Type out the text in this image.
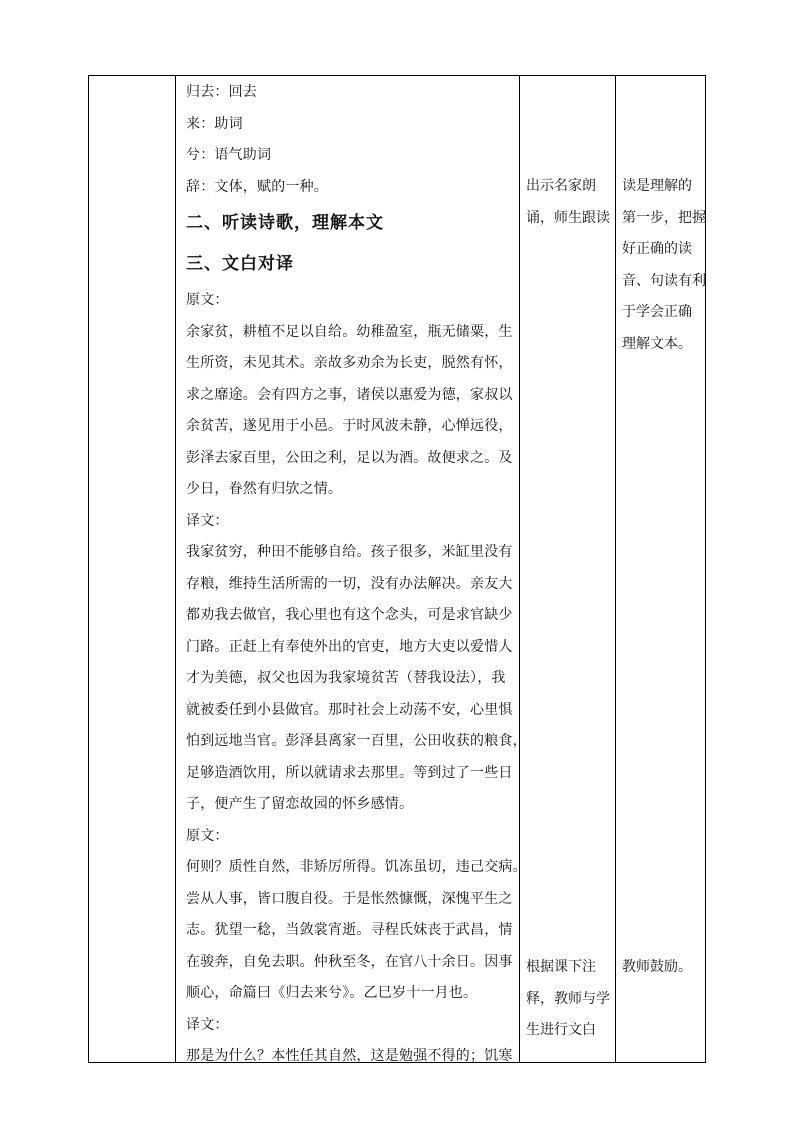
归去：回去
来：助词
兮：语气助词
辞：文体，赋的一种。
二、听读诗歌，理解本文
三、文白对译
原文：
余家贫，耕植不足以自给。幼稚盈室，瓶无储粟，生
生所资，未见其术。亲故多劝余为长吏，脱然有怀，
求之靡途。会有四方之事，诸侯以惠爱为德，家叔以
余贫苦，遂见用于小邑。于时风波未静，心惮远役，
彭泽去家百里，公田之利，足以为酒。故便求之。及
少日，眷然有归欤之情。
译文：
我家贫穷，种田不能够自给。孩子很多，米缸里没有
存粮，维持生活所需的一切，没有办法解决。亲友大
都劝我去做官，我心里也有这个念头，可是求官缺少
门路。正赶上有奉使外出的官吏，地方大吏以爱惜人
才为美德，叔父也因为我家境贫苦（替我设法），我
就被委任到小县做官。那时社会上动荡不安，心里惧
怕到远地当官。彭泽县离家一百里，公田收获的粮食，
足够造酒饮用，所以就请求去那里。等到过了一些日
子，便产生了留恋故园的怀乡感情。
原文：
何则？质性自然，非矫厉所得。饥冻虽切，违己交病。
尝从人事，皆口腹自役。于是怅然慷慨，深愧平生之
志。犹望一稔，当敛裳宵逝。寻程氏妹丧于武昌，情
在骏奔，自免去职。仲秋至冬，在官八十余日。因事
顺心，命篇曰《归去来兮》。乙巳岁十一月也。
译文：
那是为什么？本性任其自然，这是勉强不得的；饥寒
出示名家朗
诵，师生跟读
读是理解的
第一步，把握
好正确的读
音、句读有利
于学会正确
理解文本。
根据课下注
释，教师与学
生进行文白
教师鼓励。
